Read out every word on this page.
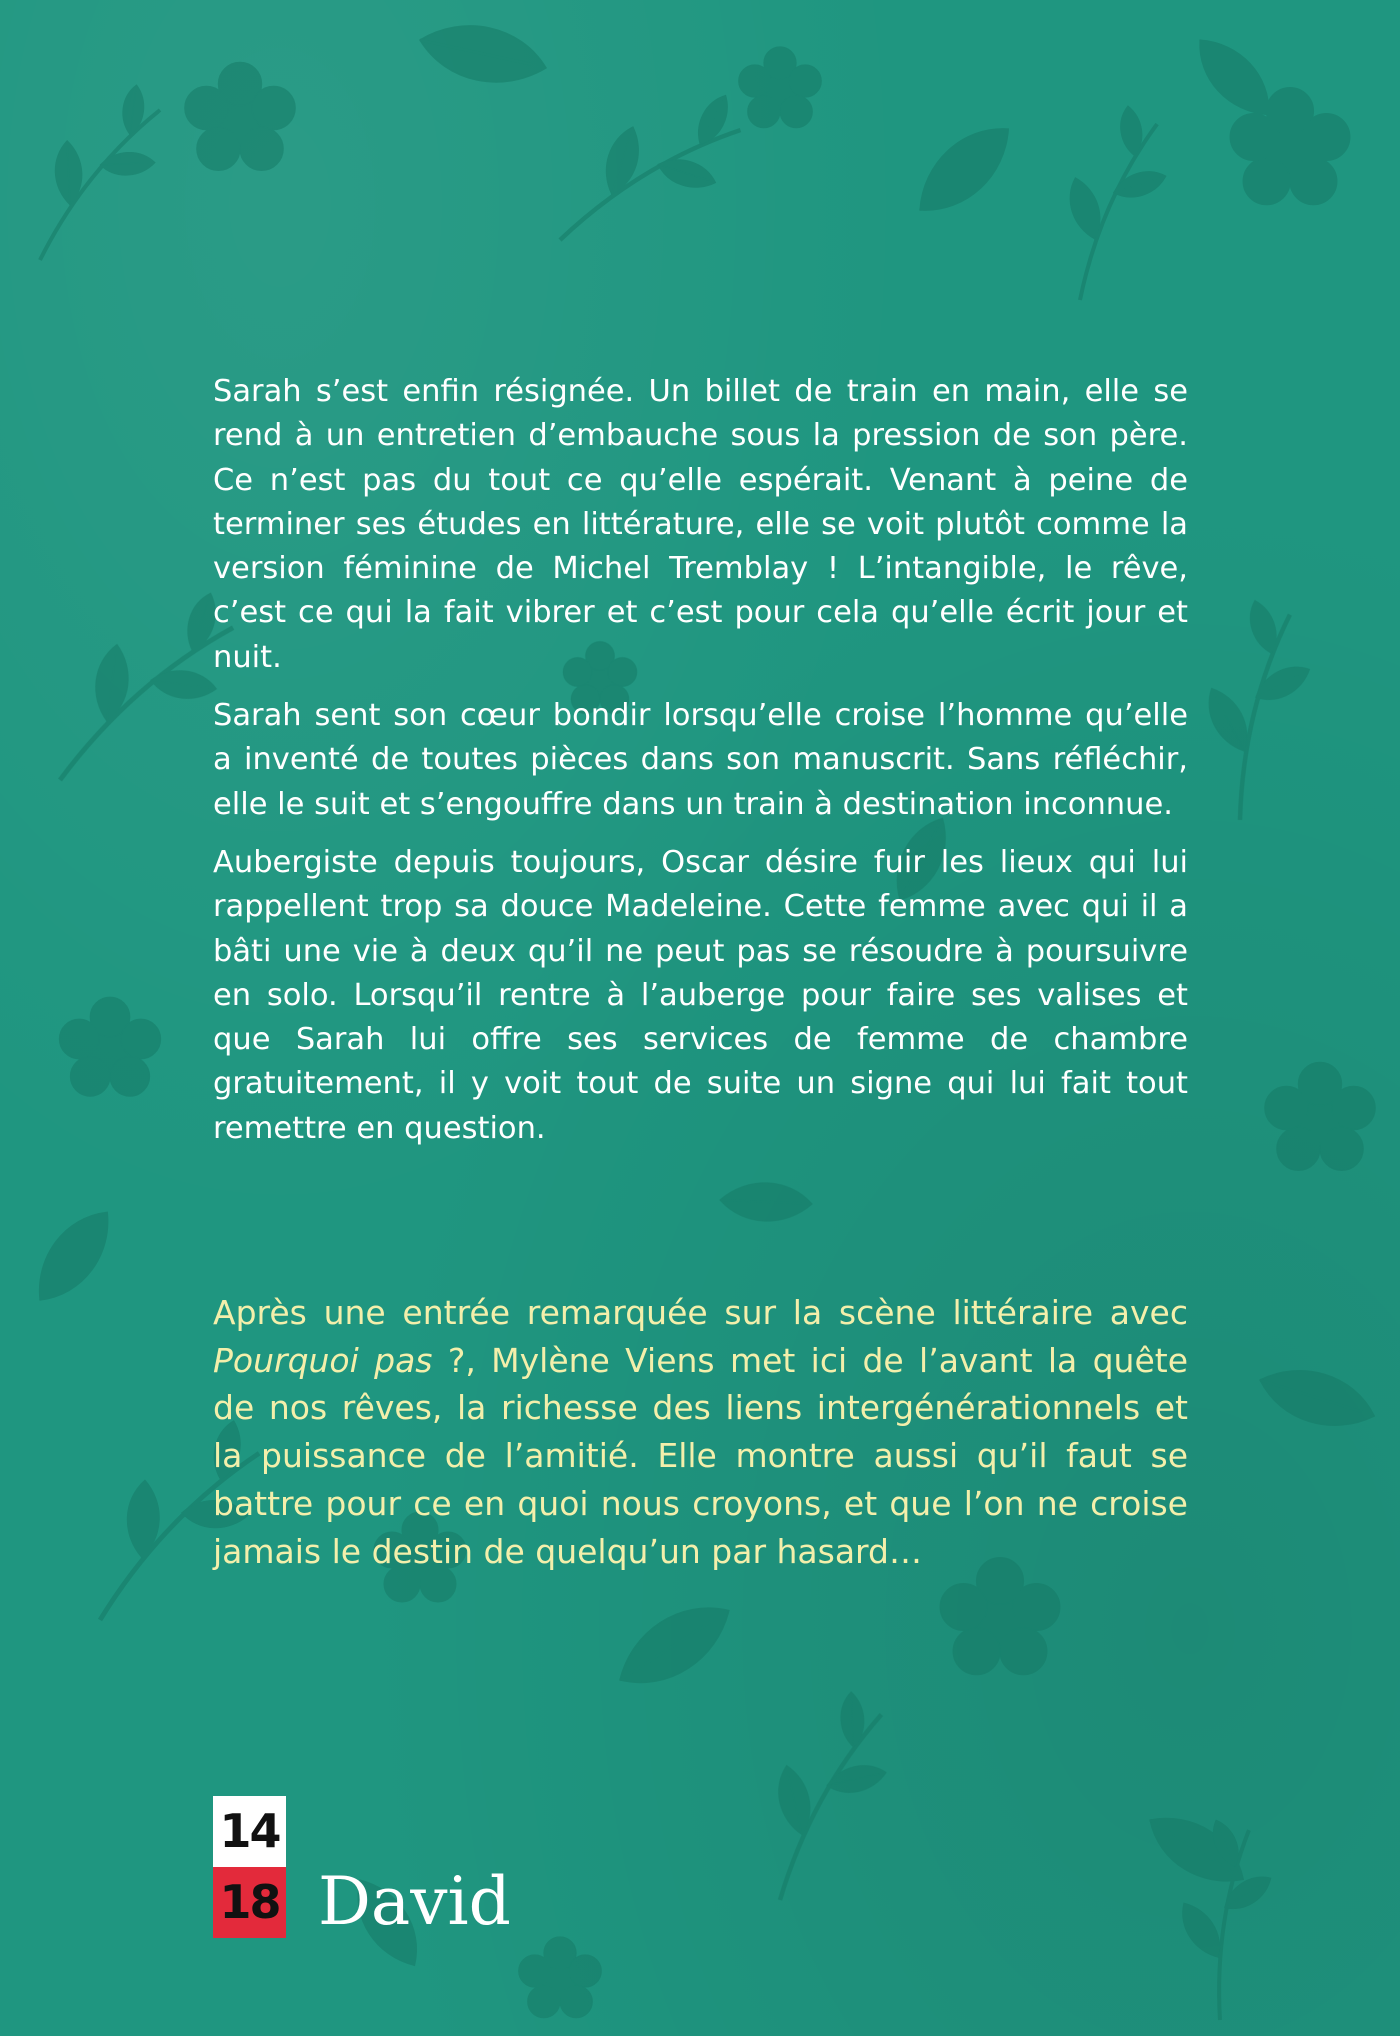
Sarah s’est enfin résignée. Un billet de train en main, elle se rend à un entretien d’embauche sous la pression de son père. Ce n’est pas du tout ce qu’elle espérait. Venant à peine de terminer ses études en littérature, elle se voit plutôt comme la version féminine de Michel Tremblay ! L’intangible, le rêve, c’est ce qui la fait vibrer et c’est pour cela qu’elle écrit jour et nuit.

Sarah sent son cœur bondir lorsqu’elle croise l’homme qu’elle a inventé de toutes pièces dans son manuscrit. Sans réfléchir, elle le suit et s’engouffre dans un train à destination inconnue.

Aubergiste depuis toujours, Oscar désire fuir les lieux qui lui rappellent trop sa douce Madeleine. Cette femme avec qui il a bâti une vie à deux qu’il ne peut pas se résoudre à poursuivre en solo. Lorsqu’il rentre à l’auberge pour faire ses valises et que Sarah lui offre ses services de femme de chambre gratuitement, il y voit tout de suite un signe qui lui fait tout remettre en question.

Après une entrée remarquée sur la scène littéraire avec Pourquoi pas ?, Mylène Viens met ici de l’avant la quête de nos rêves, la richesse des liens intergénérationnels et la puissance de l’amitié. Elle montre aussi qu’il faut se battre pour ce en quoi nous croyons, et que l’on ne croise jamais le destin de quelqu’un par hasard…

14
18 David
